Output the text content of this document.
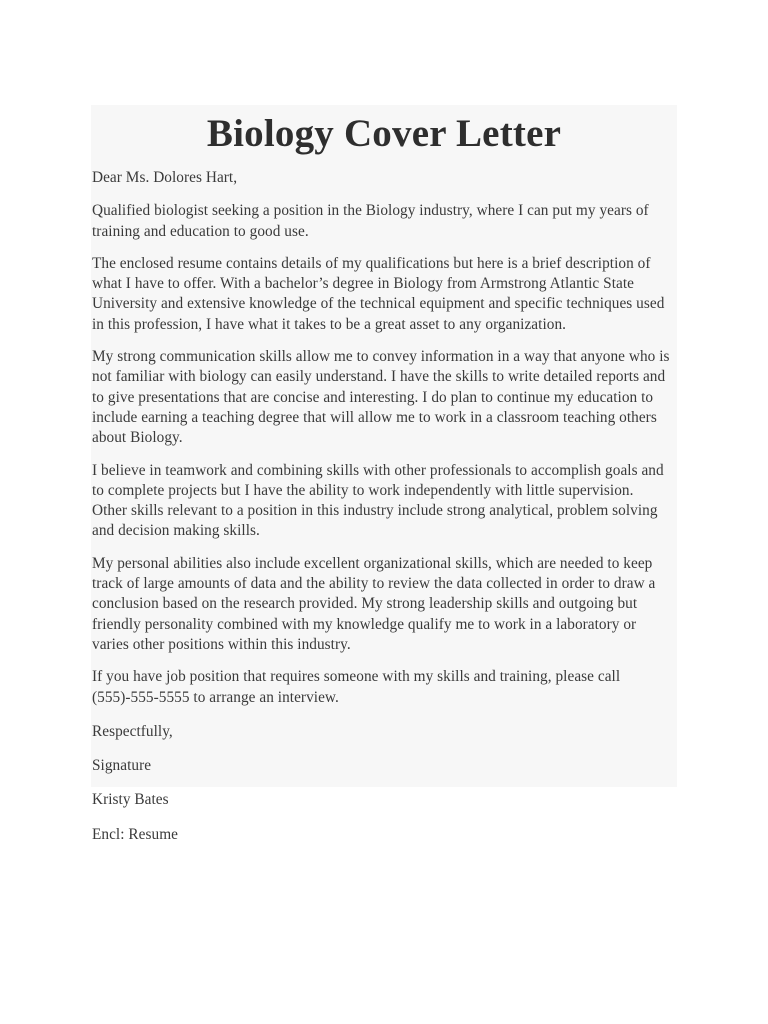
Biology Cover Letter

Dear Ms. Dolores Hart,

Qualified biologist seeking a position in the Biology industry, where I can put my years of training and education to good use.

The enclosed resume contains details of my qualifications but here is a brief description of what I have to offer. With a bachelor’s degree in Biology from Armstrong Atlantic State University and extensive knowledge of the technical equipment and specific techniques used in this profession, I have what it takes to be a great asset to any organization.

My strong communication skills allow me to convey information in a way that anyone who is not familiar with biology can easily understand. I have the skills to write detailed reports and to give presentations that are concise and interesting. I do plan to continue my education to include earning a teaching degree that will allow me to work in a classroom teaching others about Biology.

I believe in teamwork and combining skills with other professionals to accomplish goals and to complete projects but I have the ability to work independently with little supervision. Other skills relevant to a position in this industry include strong analytical, problem solving and decision making skills.

My personal abilities also include excellent organizational skills, which are needed to keep track of large amounts of data and the ability to review the data collected in order to draw a conclusion based on the research provided. My strong leadership skills and outgoing but friendly personality combined with my knowledge qualify me to work in a laboratory or varies other positions within this industry.

If you have job position that requires someone with my skills and training, please call (555)-555-5555 to arrange an interview.

Respectfully,

Signature

Kristy Bates

Encl: Resume
